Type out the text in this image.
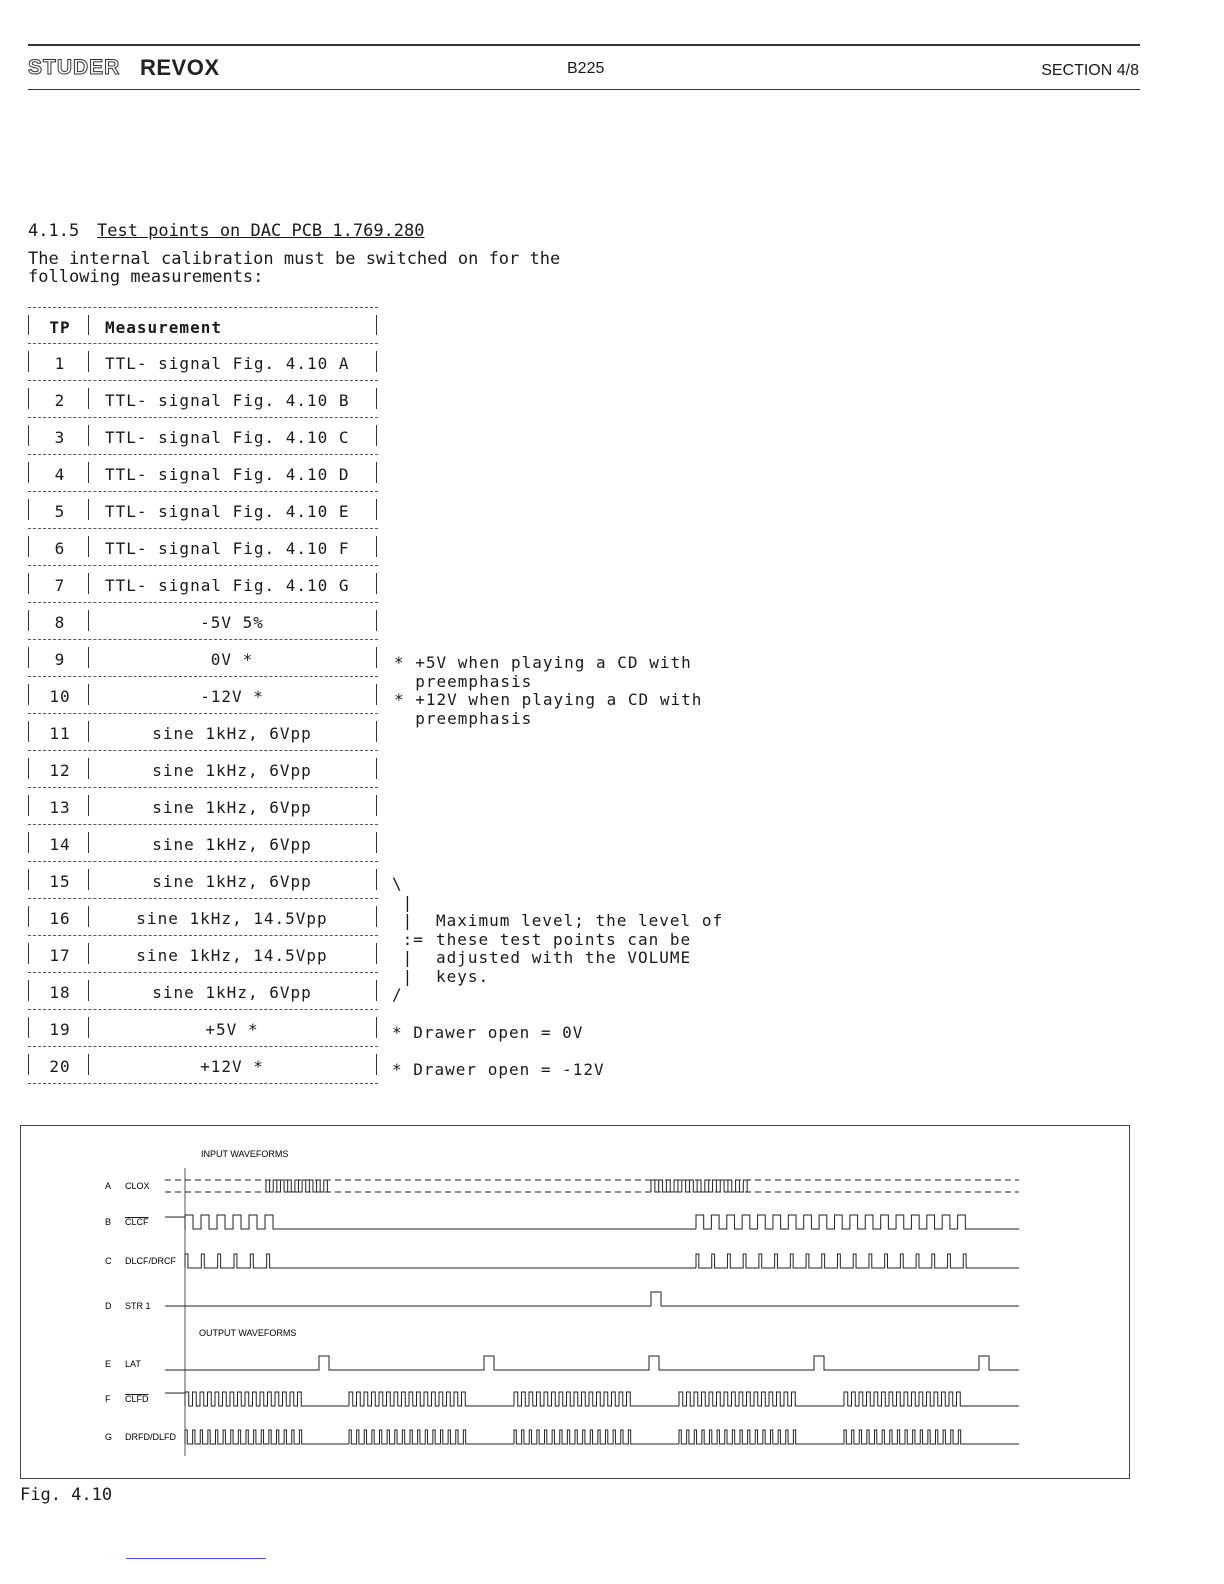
STUDER REVOX	B225	SECTION 4/8
4.1.5 Test points on DAC PCB 1.769.280
The internal calibration must be switched on for the
following measurements:
TP	Measurement
1	TTL- signal Fig. 4.10 A
2	TTL- signal Fig. 4.10 B
3	TTL- signal Fig. 4.10 C
4	TTL- signal Fig. 4.10 D
5	TTL- signal Fig. 4.10 E
6	TTL- signal Fig. 4.10 F
7	TTL- signal Fig. 4.10 G
8	-5V 5%
9	0V *
10	-12V *
11	sine 1kHz, 6Vpp
12	sine 1kHz, 6Vpp
13	sine 1kHz, 6Vpp
14	sine 1kHz, 6Vpp
15	sine 1kHz, 6Vpp
16	sine 1kHz, 14.5Vpp
17	sine 1kHz, 14.5Vpp
18	sine 1kHz, 6Vpp
19	+5V *
20	+12V *
* +5V when playing a CD with
preemphasis
* +12V when playing a CD with
preemphasis
\
|
|
:=
|
|
/
Maximum level; the level of
these test points can be
adjusted with the VOLUME
keys.
* Drawer open = 0V
* Drawer open = -12V
INPUT WAVEFORMS
OUTPUT WAVEFORMS
A CLOX
B CLCF
C DLCF/DRCF
D STR 1
E LAT
F CLFD
G DRFD/DLFD
Fig. 4.10
